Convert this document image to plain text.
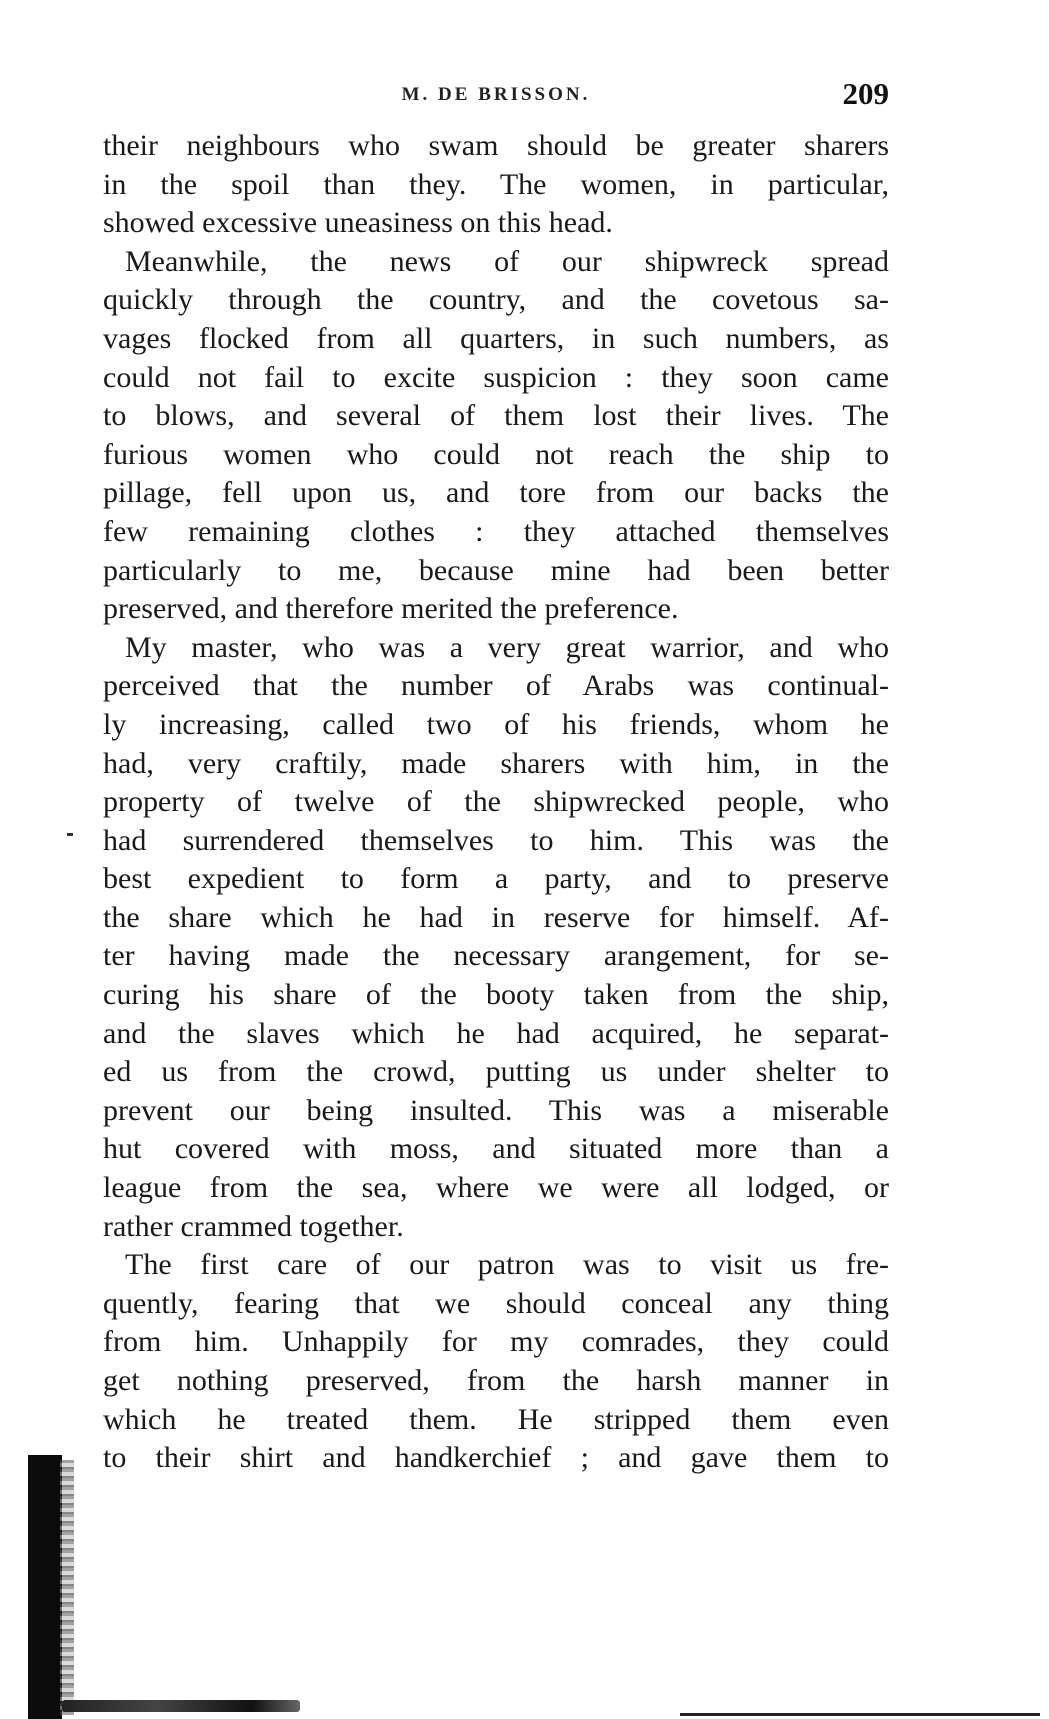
M. DE BRISSON.	209
their neighbours who swam should be greater sharers
in the spoil than they. The women, in particular,
showed excessive uneasiness on this head.
Meanwhile, the news of our shipwreck spread
quickly through the country, and the covetous sa-
vages flocked from all quarters, in such numbers, as
could not fail to excite suspicion : they soon came
to blows, and several of them lost their lives. The
furious women who could not reach the ship to
pillage, fell upon us, and tore from our backs the
few remaining clothes : they attached themselves
particularly to me, because mine had been better
preserved, and therefore merited the preference.
My master, who was a very great warrior, and who
perceived that the number of Arabs was continual-
ly increasing, called two of his friends, whom he
had, very craftily, made sharers with him, in the
property of twelve of the shipwrecked people, who
had surrendered themselves to him. This was the
best expedient to form a party, and to preserve
the share which he had in reserve for himself. Af-
ter having made the necessary arangement, for se-
curing his share of the booty taken from the ship,
and the slaves which he had acquired, he separat-
ed us from the crowd, putting us under shelter to
prevent our being insulted. This was a miserable
hut covered with moss, and situated more than a
league from the sea, where we were all lodged, or
rather crammed together.
The first care of our patron was to visit us fre-
quently, fearing that we should conceal any thing
from him. Unhappily for my comrades, they could
get nothing preserved, from the harsh manner in
which he treated them. He stripped them even
to their shirt and handkerchief ; and gave them to
